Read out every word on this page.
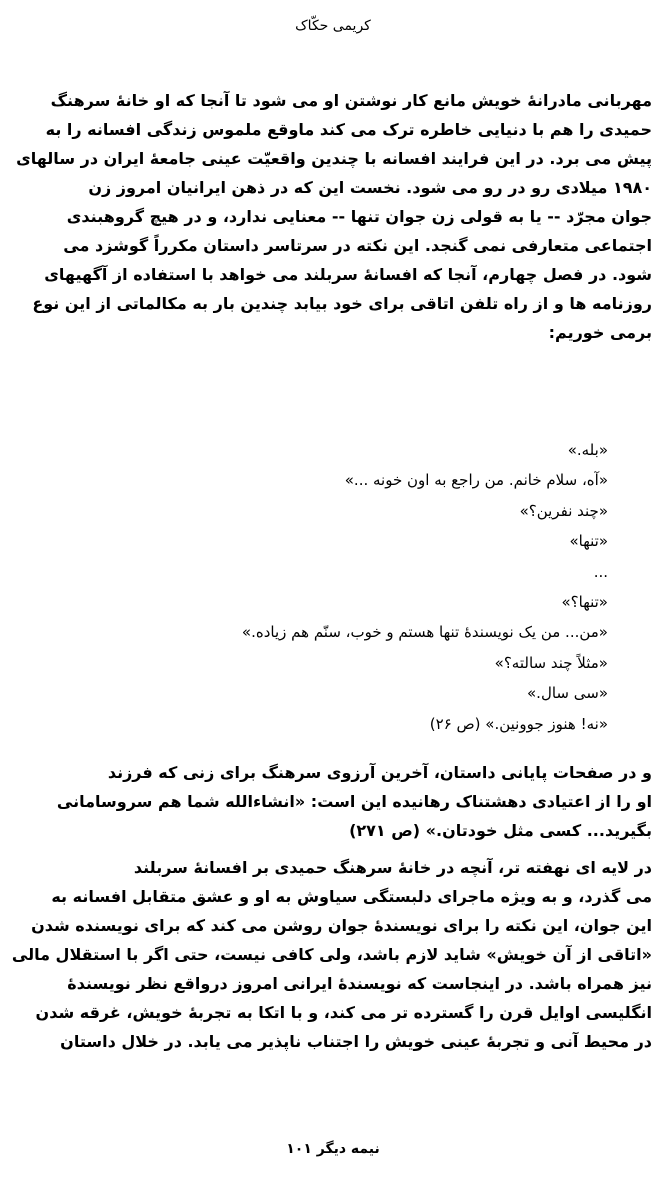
کریمی حکّاک
مهربانی مادرانهٔ خویش مانع کار نوشتن او می شود تا آنجا که او خانهٔ سرهنگ
حمیدی را هم با دنیایی خاطره ترک می کند ماوقع ملموس زندگی افسانه را به
پیش می برد. در این فرایند افسانه با چندین واقعیّت عینی جامعهٔ ایران در سالهای
۱۹۸۰ میلادی رو در رو می شود. نخست این که در ذهن ایرانیان امروز زن
جوان مجرّد -- یا به قولی زن جوان تنها -- معنایی ندارد، و در هیچ گروهبندی
اجتماعی متعارفی نمی گنجد. این نکته در سرتاسر داستان مکرراً گوشزد می
شود. در فصل چهارم، آنجا که افسانهٔ سربلند می خواهد با استفاده از آگهیهای
روزنامه ها و از راه تلفن اتاقی برای خود بیابد چندین بار به مکالماتی از این نوع
برمی خوریم:
«بله.»
«آه، سلام خانم. من راجع به اون خونه ...»
«چند نفرین؟»
«تنها»
...
«تنها؟»
«من... من یک نویسندهٔ تنها هستم و خوب، سنّم هم زیاده.»
«مثلاً چند سالته؟»
«سی سال.»
«نه! هنوز جوونین.» (ص ۲۶)
و در صفحات پایانی داستان، آخرین آرزوی سرهنگ برای زنی که فرزند
او را از اعتیادی دهشتناک رهانیده این است: «انشاءالله شما هم سروسامانی
بگیرید... کسی مثل خودتان.» (ص ۲۷۱)
در لایه ای نهفته تر، آنچه در خانهٔ سرهنگ حمیدی بر افسانهٔ سربلند
می گذرد، و به ویژه ماجرای دلبستگی سیاوش به او و عشق متقابل افسانه به
این جوان، این نکته را برای نویسندهٔ جوان روشن می کند که برای نویسنده شدن
«اتاقی از آن خویش» شاید لازم باشد، ولی کافی نیست، حتی اگر با استقلال مالی
نیز همراه باشد. در اینجاست که نویسندهٔ ایرانی امروز درواقع نظر نویسندهٔ
انگلیسی اوایل قرن را گسترده تر می کند، و با اتکا به تجربهٔ خویش، غرقه شدن
در محیط آنی و تجربهٔ عینی خویش را اجتناب ناپذیر می یابد. در خلال داستان
نیمه دیگر ۱۰۱
